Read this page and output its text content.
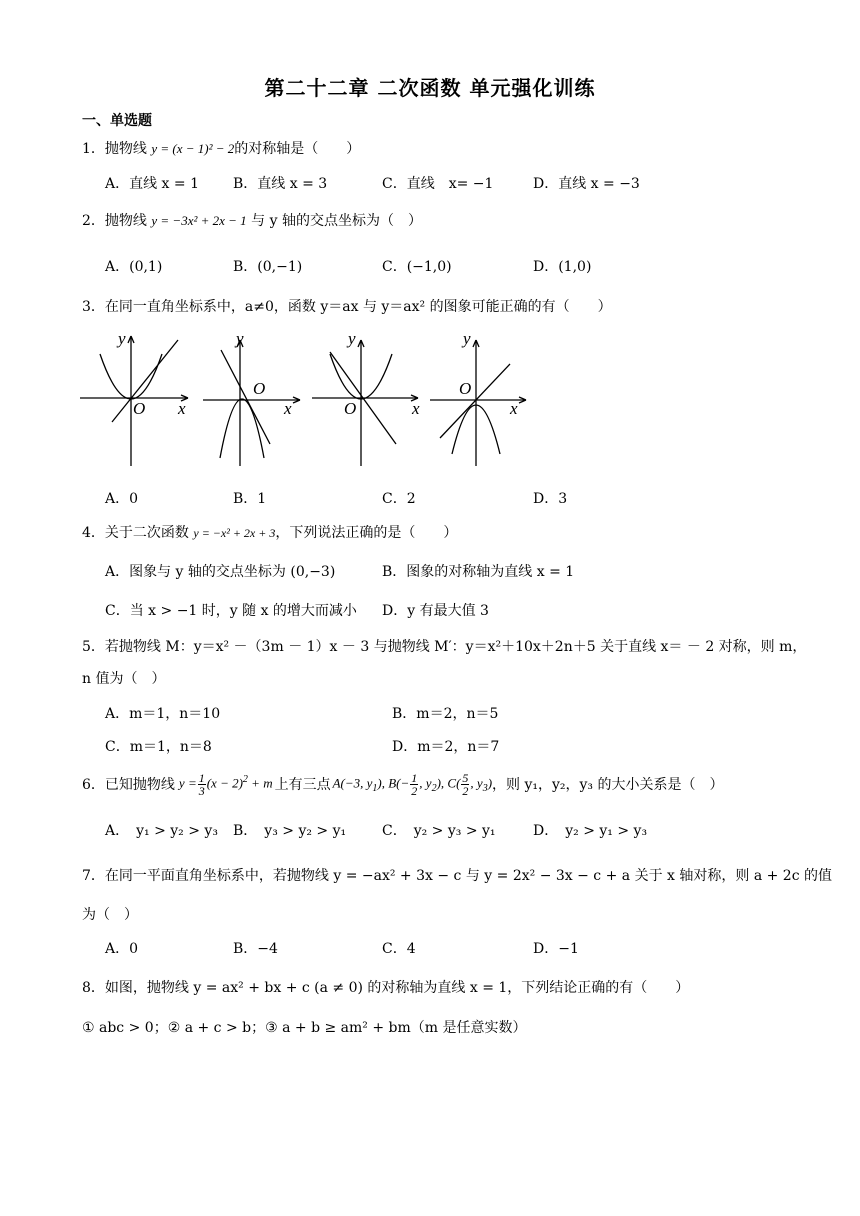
第二十二章 二次函数 单元强化训练
一、单选题
1．抛物线 y = (x − 1)² − 2的对称轴是（　　）
A．直线 x = 1 B．直线 x = 3	C．直线　x= −1	D．直线 x = −3
2．抛物线 y = −3x² + 2x − 1 与 y 轴的交点坐标为（　）
A．(0,1)	B．(0,−1)	C．(−1,0)	D．(1,0)
3．在同一直角坐标系中，a≠0，函数 y＝ax 与 y＝ax² 的图象可能正确的有（　　）
y
x
O
y
x
O
y
x
O
y
x
O
A．0	B．1	C．2	D．3
4．关于二次函数 y = −x² + 2x + 3，下列说法正确的是（　　）
A．图象与 y 轴的交点坐标为 (0,−3)	B．图象的对称轴为直线 x = 1
C．当 x > −1 时，y 随 x 的增大而减小 D．y 有最大值 3
5．若抛物线 M：y＝x² －（3m － 1）x － 3 与抛物线 M′：y＝x²＋10x＋2n＋5 关于直线 x＝ － 2 对称，则 m，
n 值为（　）
A．m＝1，n＝10	B．m＝2，n＝5
C．m＝1，n＝8	D．m＝2，n＝7
6． 已知抛物线 $y = \frac{1}{3} (x - 2)^2 + m$ 上有三点 A(−3, $y_1$), $B(- \frac{1}{2}$ , $y_2$), $C( \frac{5}{2}$ , $y_3$) ，则 y₁，y₂，y₃ 的大小关系是（　）
A．　y₁ > y₂ > y₃ B．　y₃ > y₂ > y₁	C．　y₂ > y₃ > y₁	D．　y₂ > y₁ > y₃
7．在同一平面直角坐标系中，若抛物线 y = −ax² + 3x − c 与 y = 2x² − 3x − c + a 关于 x 轴对称，则 a + 2c 的值
为（　）
A．0	B．−4	C．4	D．−1
8．如图，抛物线 y = ax² + bx + c (a ≠ 0) 的对称轴为直线 x = 1，下列结论正确的有（　　）
① abc > 0；② a + c > b；③ a + b ≥ am² + bm（m 是任意实数）
